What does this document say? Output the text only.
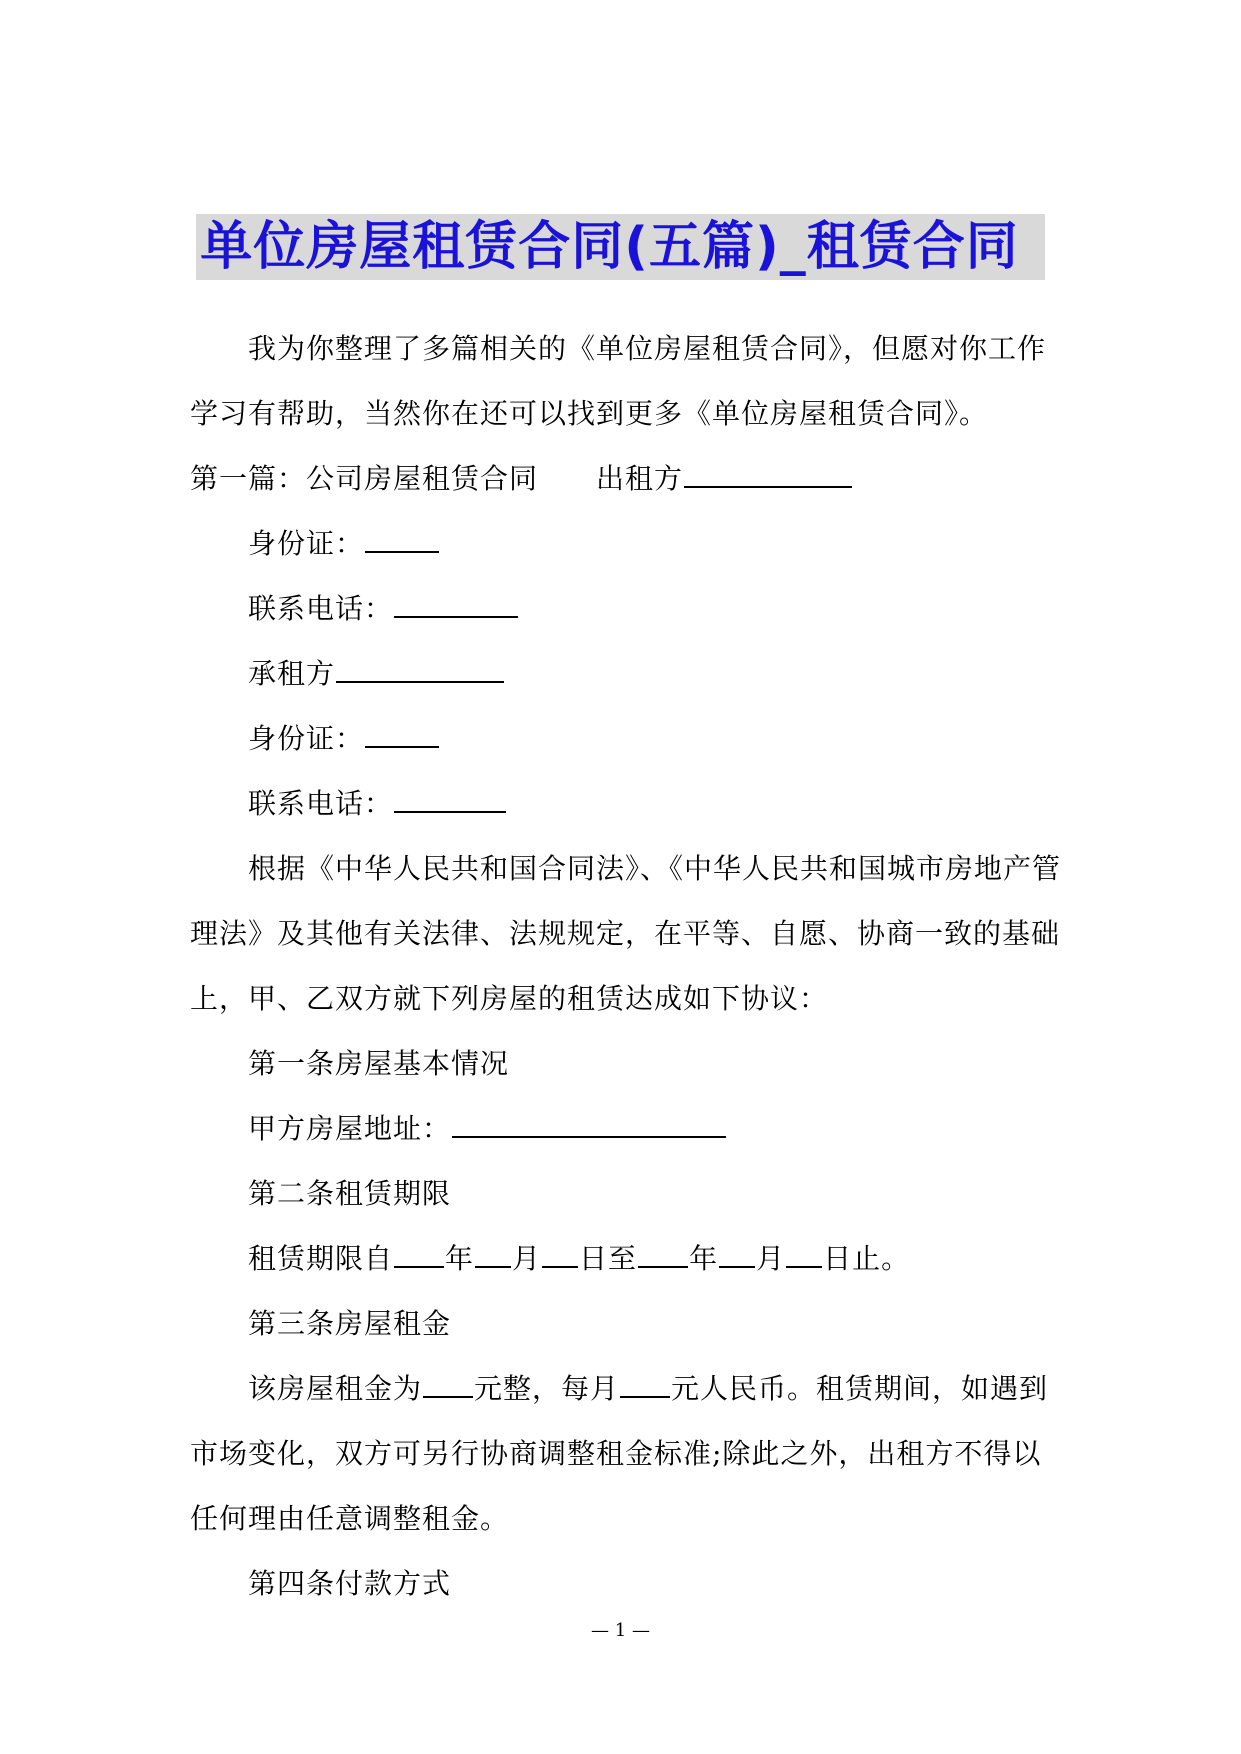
单位房屋租赁合同(五篇)_租赁合同

我为你整理了多篇相关的《单位房屋租赁合同》，但愿对你工作学习有帮助，当然你在还可以找到更多《单位房屋租赁合同》。

第一篇：公司房屋租赁合同 出租方

身份证：

联系电话：

承租方

身份证：

联系电话：

根据《中华人民共和国合同法》、《中华人民共和国城市房地产管理法》及其他有关法律、法规规定，在平等、自愿、协商一致的基础上，甲、乙双方就下列房屋的租赁达成如下协议：

第一条房屋基本情况

甲方房屋地址：

第二条租赁期限

租赁期限自 年 月 日至 年 月 日止。

第三条房屋租金

该房屋租金为 元整，每月 元人民币。租赁期间，如遇到市场变化，双方可另行协商调整租金标准;除此之外，出租方不得以任何理由任意调整租金。

第四条付款方式

— 1 —
